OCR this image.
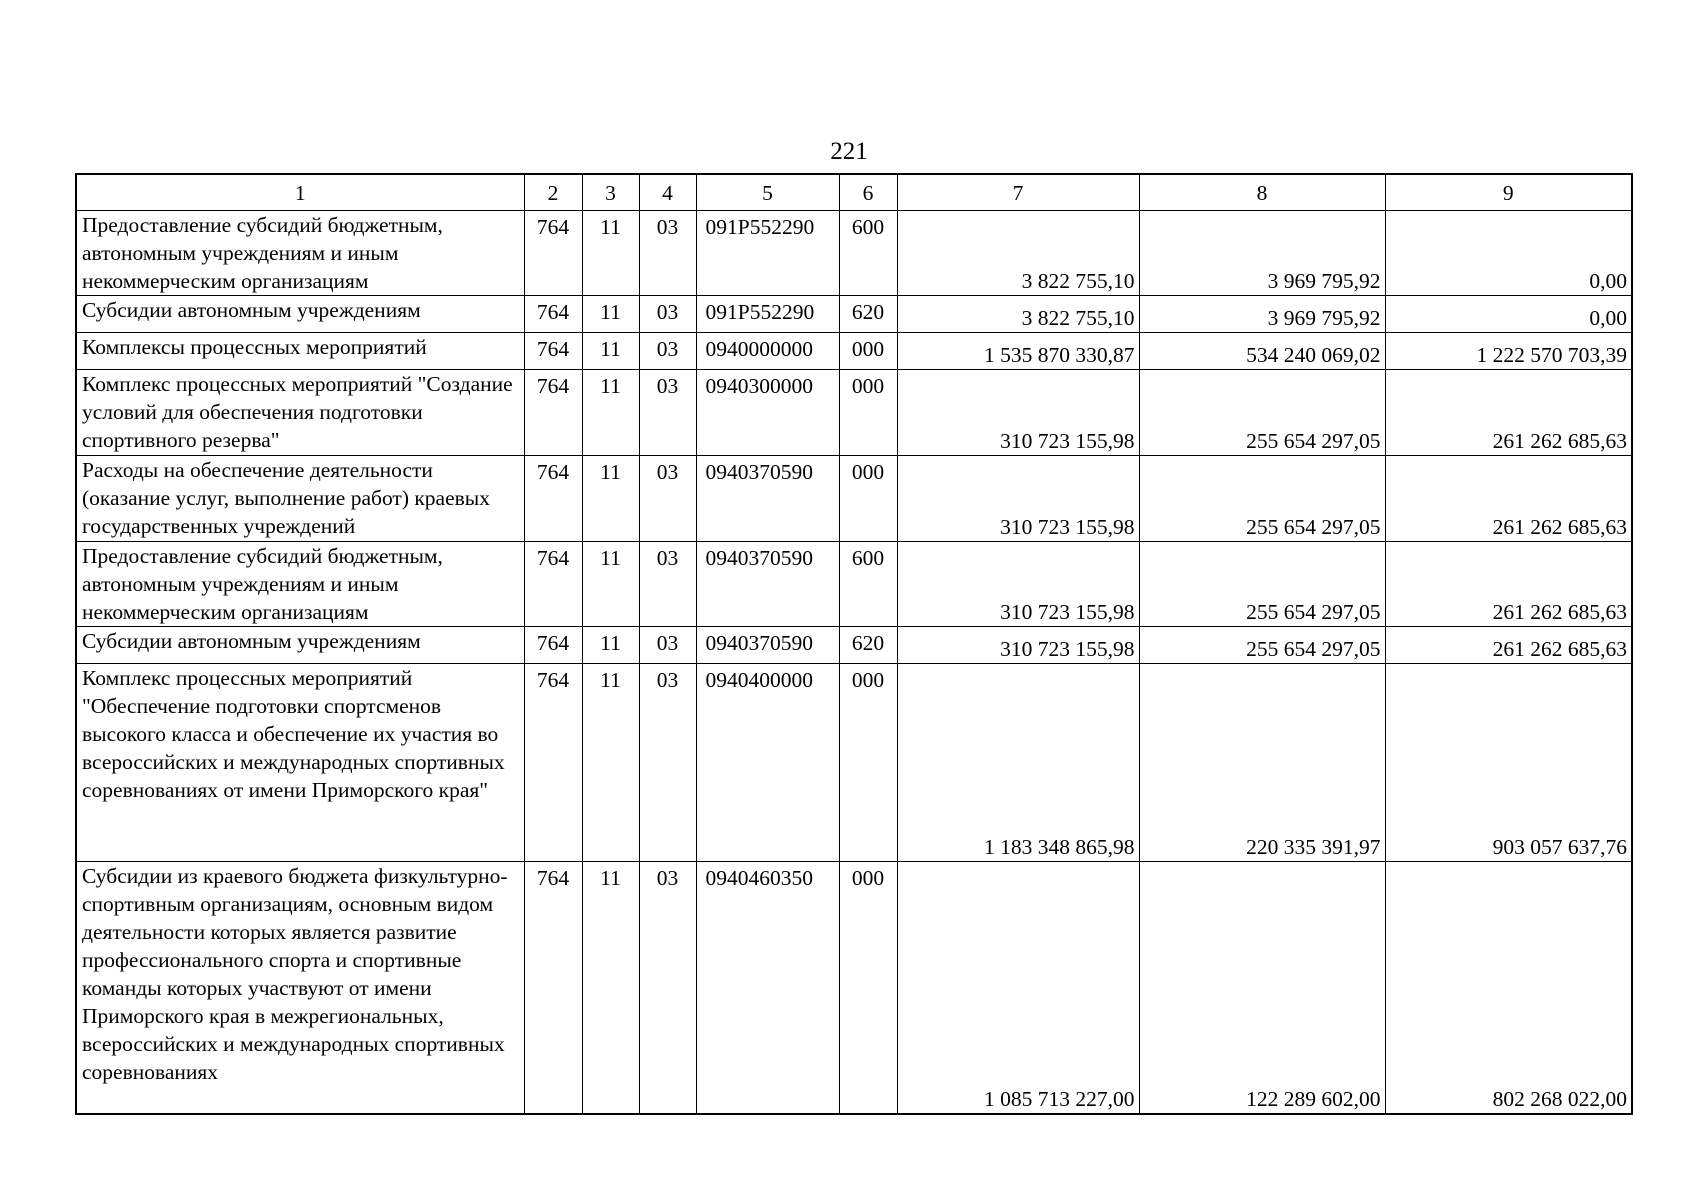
221
1	2	3	4	5	6	7	8	9
Предоставление субсидий бюджетным, автономным учреждениям и иным некоммерческим организациям	764	11	03	091P552290	600	3 822 755,10	3 969 795,92	0,00
Субсидии автономным учреждениям	764	11	03	091P552290	620	3 822 755,10	3 969 795,92	0,00
Комплексы процессных мероприятий	764	11	03	0940000000	000	1 535 870 330,87	534 240 069,02	1 222 570 703,39
Комплекс процессных мероприятий "Создание условий для обеспечения подготовки спортивного резерва"	764	11	03	0940300000	000	310 723 155,98	255 654 297,05	261 262 685,63
Расходы на обеспечение деятельности (оказание услуг, выполнение работ) краевых государственных учреждений	764	11	03	0940370590	000	310 723 155,98	255 654 297,05	261 262 685,63
Предоставление субсидий бюджетным, автономным учреждениям и иным некоммерческим организациям	764	11	03	0940370590	600	310 723 155,98	255 654 297,05	261 262 685,63
Субсидии автономным учреждениям	764	11	03	0940370590	620	310 723 155,98	255 654 297,05	261 262 685,63
Комплекс процессных мероприятий "Обеспечение подготовки спортсменов высокого класса и обеспечение их участия во всероссийских и международных спортивных соревнованиях от имени Приморского края"	764	11	03	0940400000	000	1 183 348 865,98	220 335 391,97	903 057 637,76
Субсидии из краевого бюджета физкультурно-спортивным организациям, основным видом деятельности которых является развитие профессионального спорта и спортивные команды которых участвуют от имени Приморского края в межрегиональных, всероссийских и международных спортивных соревнованиях	764	11	03	0940460350	000	1 085 713 227,00	122 289 602,00	802 268 022,00
